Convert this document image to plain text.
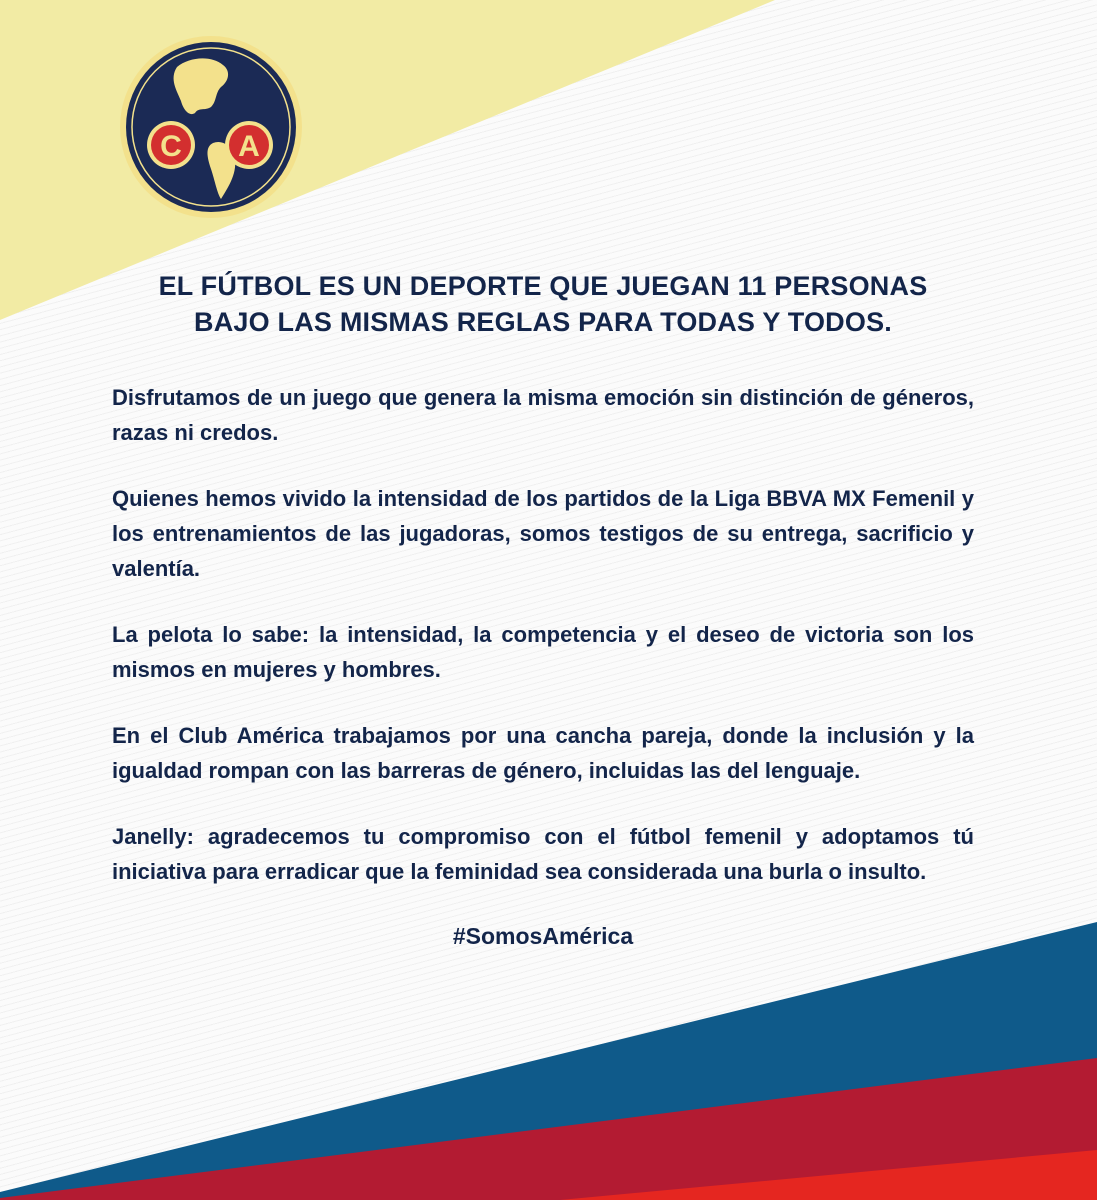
C A
EL FÚTBOL ES UN DEPORTE QUE JUEGAN 11 PERSONAS
BAJO LAS MISMAS REGLAS PARA TODAS Y TODOS.

Disfrutamos de un juego que genera la misma emoción sin distinción de géneros, razas ni credos.

Quienes hemos vivido la intensidad de los partidos de la Liga BBVA MX Femenil y los entrenamientos de las jugadoras, somos testigos de su entrega, sacrificio y valentía.

La pelota lo sabe: la intensidad, la competencia y el deseo de victoria son los mismos en mujeres y hombres.

En el Club América trabajamos por una cancha pareja, donde la inclusión y la igualdad rompan con las barreras de género, incluidas las del lenguaje.

Janelly: agradecemos tu compromiso con el fútbol femenil y adoptamos tú iniciativa para erradicar que la feminidad sea considerada una burla o insulto.

#SomosAmérica
